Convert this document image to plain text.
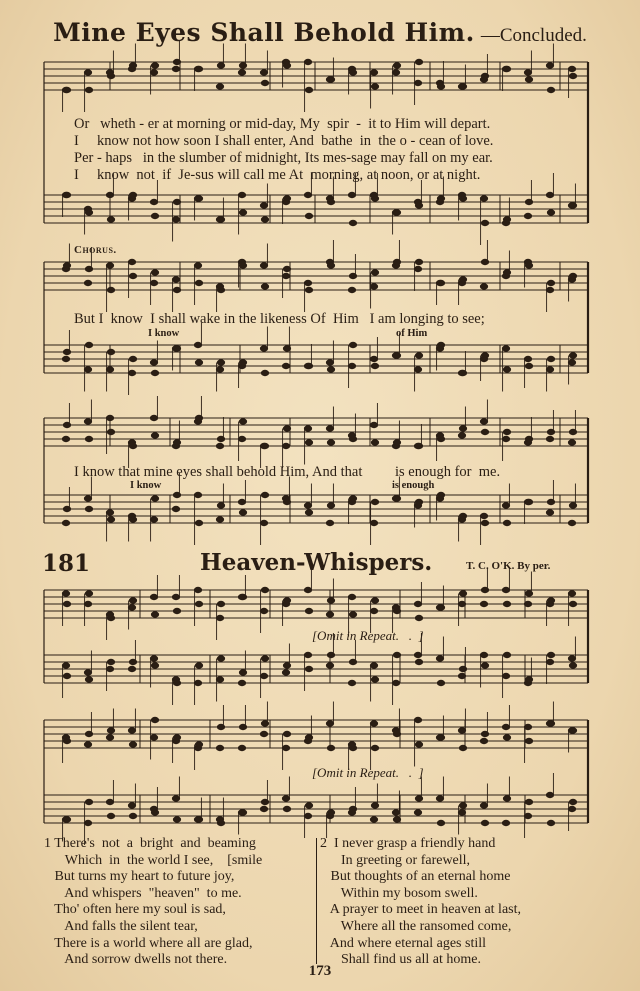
Mine Eyes Shall Behold Him. —Concluded.
Or   wheth - er at morning or mid-day, My  spir  -  it to Him will depart.
I     know not how soon I shall enter, And  bathe  in  the o - cean of love.
Per - haps   in the slumber of midnight, Its mes-sage may fall on my ear.
I     know  not  if  Je-sus will call me At  morning, at noon, or at night.
Chorus.
But I  know  I shall wake in the likeness Of  Him   I am longing to see;
I know	of Him
I know that mine eyes shall behold Him, And that         is enough for  me.
I know	is enough
181	Heaven-Whispers.	T. C. O'K. By per.
[Omit in Repeat.   .  ]
[Omit in Repeat.   .  ]
1 There's  not  a  bright  and  beaming
Which  in  the world I see,    [smile
But turns my heart to future joy,
And whispers  "heaven"  to me.
Tho' often here my soul is sad,
And falls the silent tear,
There is a world where all are glad,
And sorrow dwells not there.
2  I never grasp a friendly hand
In greeting or farewell,
But thoughts of an eternal home
Within my bosom swell.
A prayer to meet in heaven at last,
Where all the ransomed come,
And where eternal ages still
Shall find us all at home.
173
